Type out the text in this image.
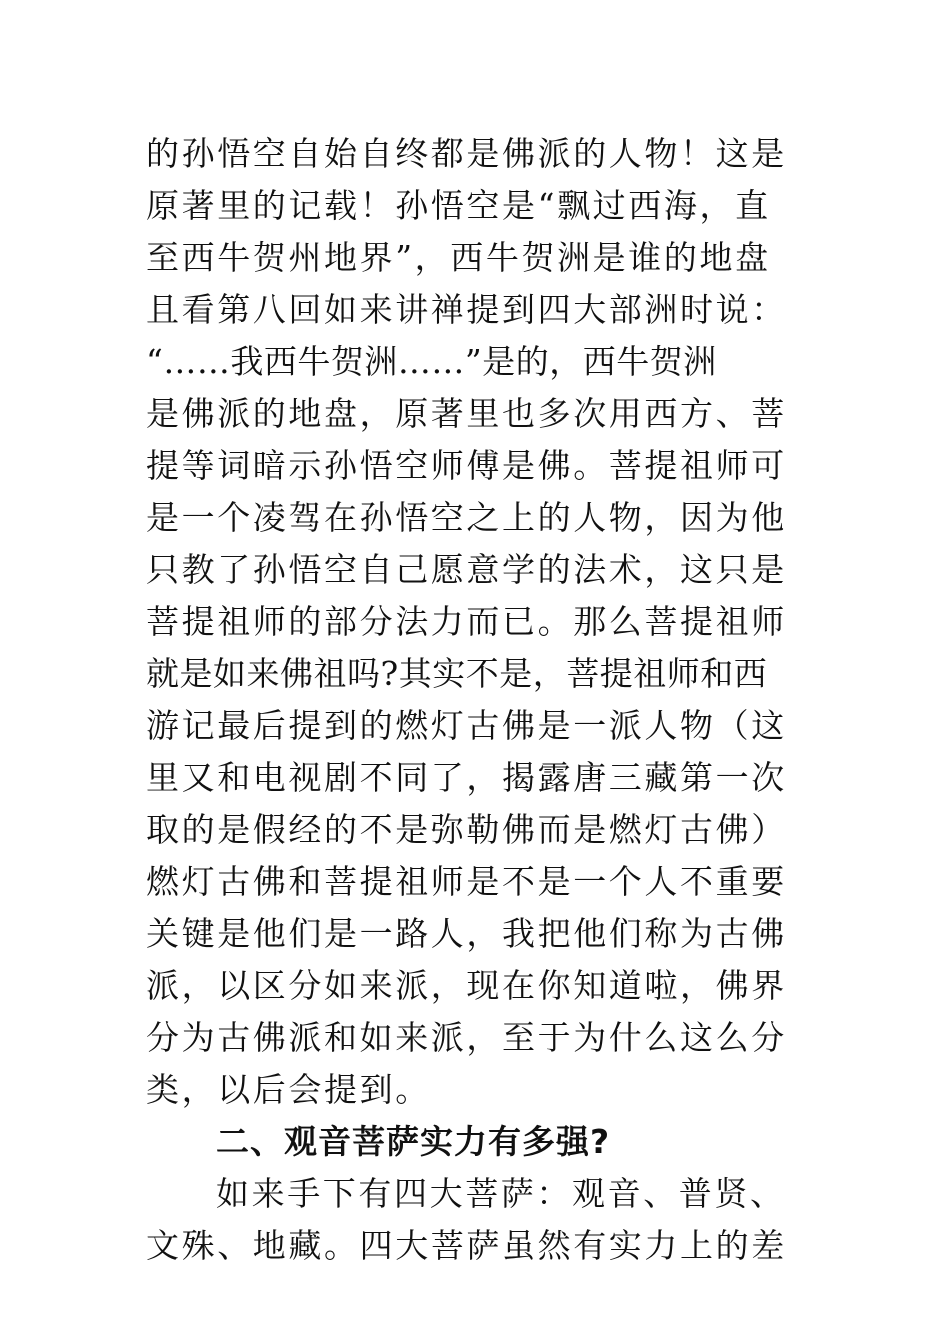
的孙悟空自始自终都是佛派的人物！这是
原著里的记载！孙悟空是“飘过西海，直
至西牛贺州地界”，西牛贺洲是谁的地盘
且看第八回如来讲禅提到四大部洲时说：
“……我西牛贺洲……”是的，西牛贺洲
是佛派的地盘，原著里也多次用西方、菩
提等词暗示孙悟空师傅是佛。菩提祖师可
是一个凌驾在孙悟空之上的人物，因为他
只教了孙悟空自己愿意学的法术，这只是
菩提祖师的部分法力而已。那么菩提祖师
就是如来佛祖吗?其实不是，菩提祖师和西
游记最后提到的燃灯古佛是一派人物（这
里又和电视剧不同了，揭露唐三藏第一次
取的是假经的不是弥勒佛而是燃灯古佛）
燃灯古佛和菩提祖师是不是一个人不重要
关键是他们是一路人，我把他们称为古佛
派，以区分如来派，现在你知道啦，佛界
分为古佛派和如来派，至于为什么这么分
类，以后会提到。
二、观音菩萨实力有多强?
如来手下有四大菩萨：观音、普贤、
文殊、地藏。四大菩萨虽然有实力上的差
